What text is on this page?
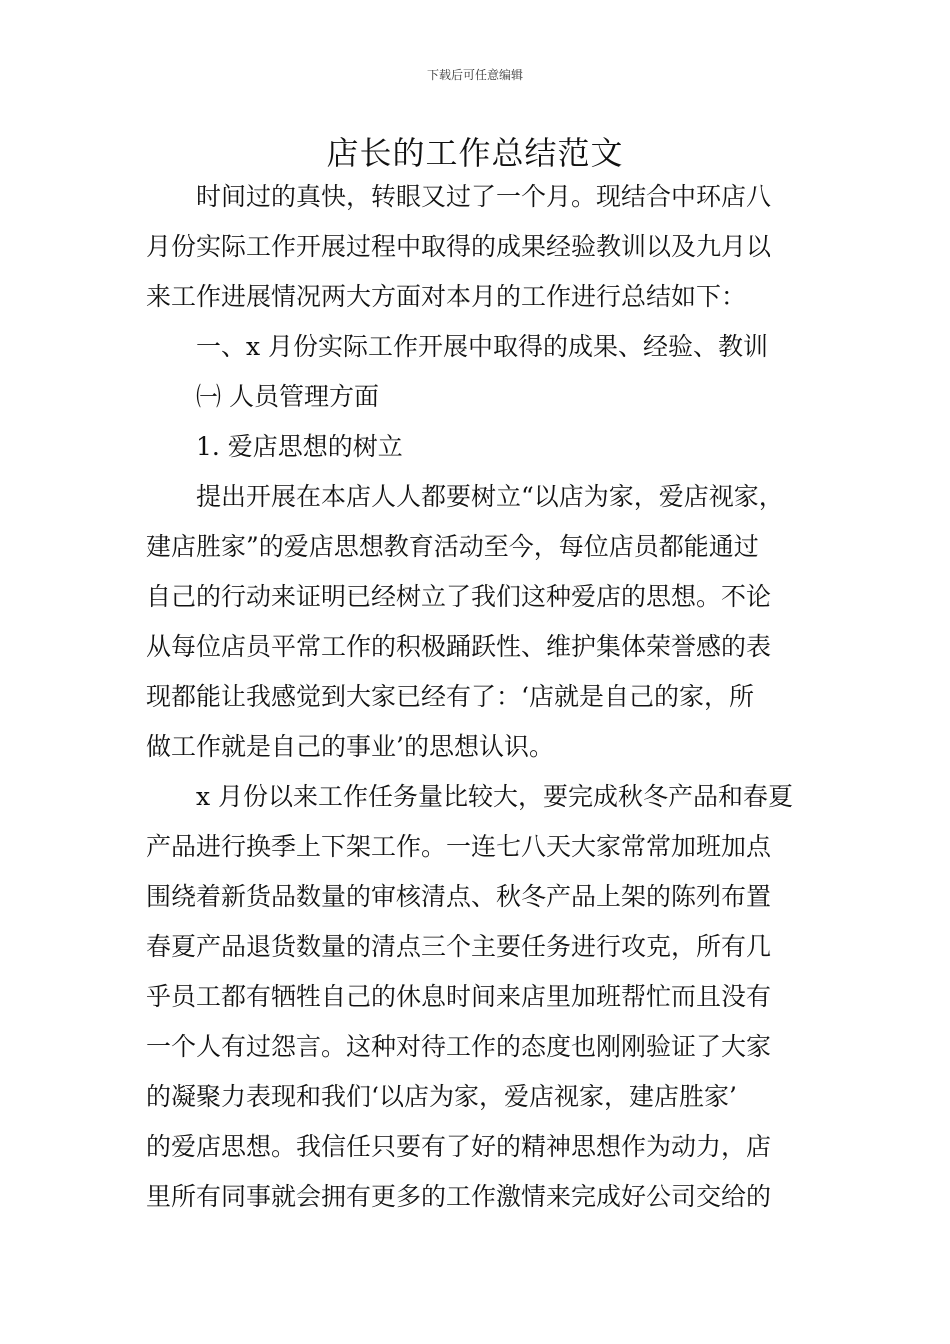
下载后可任意编辑
店长的工作总结范文
　　时间过的真快，转眼又过了一个月。现结合中环店八
月份实际工作开展过程中取得的成果经验教训以及九月以
来工作进展情况两大方面对本月的工作进行总结如下：
　　一、x 月份实际工作开展中取得的成果、经验、教训
　　㈠ 人员管理方面
　　1. 爱店思想的树立
　　提出开展在本店人人都要树立“以店为家，爱店视家，
建店胜家”的爱店思想教育活动至今，每位店员都能通过
自己的行动来证明已经树立了我们这种爱店的思想。不论
从每位店员平常工作的积极踊跃性、维护集体荣誉感的表
现都能让我感觉到大家已经有了：‘店就是自己的家，所
做工作就是自己的事业’的思想认识。
　　x 月份以来工作任务量比较大，要完成秋冬产品和春夏
产品进行换季上下架工作。一连七八天大家常常加班加点
围绕着新货品数量的审核清点、秋冬产品上架的陈列布置
春夏产品退货数量的清点三个主要任务进行攻克，所有几
乎员工都有牺牲自己的休息时间来店里加班帮忙而且没有
一个人有过怨言。这种对待工作的态度也刚刚验证了大家
的凝聚力表现和我们‘以店为家，爱店视家，建店胜家’
的爱店思想。我信任只要有了好的精神思想作为动力，店
里所有同事就会拥有更多的工作激情来完成好公司交给的
